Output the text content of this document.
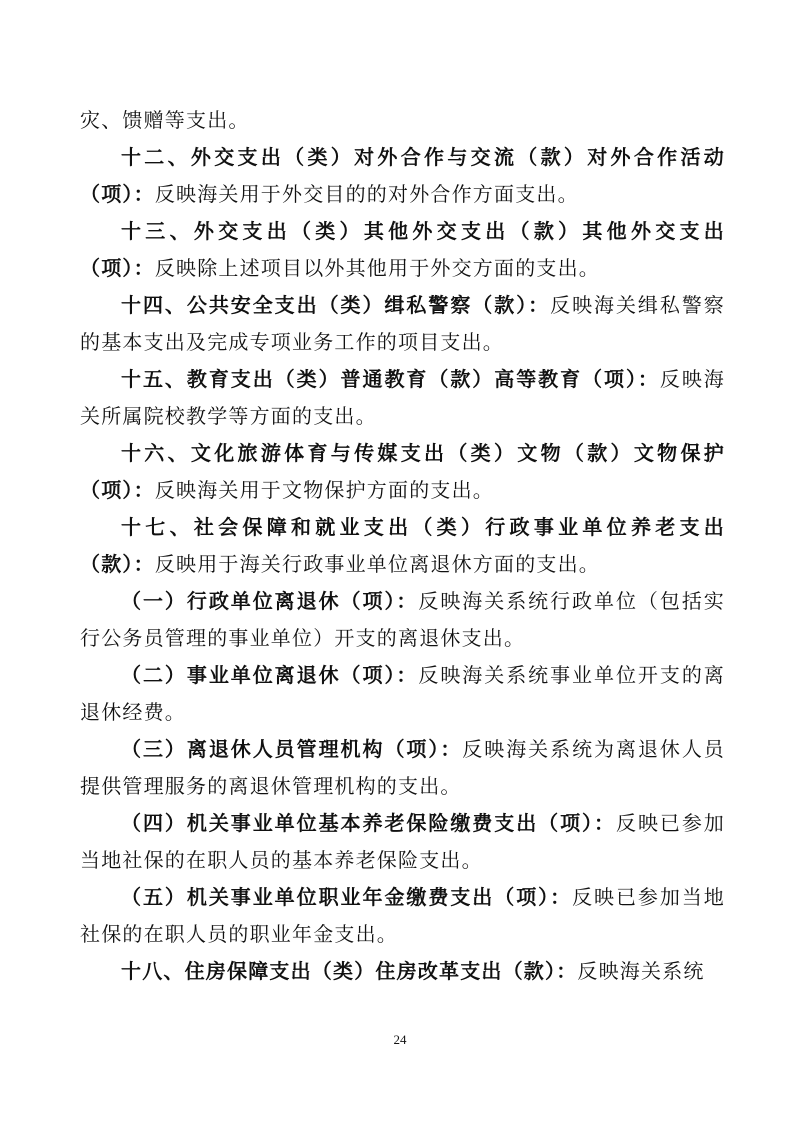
灾、馈赠等支出。

十二、外交支出（类）对外合作与交流（款）对外合作活动（项）：反映海关用于外交目的的对外合作方面支出。

十三、外交支出（类）其他外交支出（款）其他外交支出（项）：反映除上述项目以外其他用于外交方面的支出。

十四、公共安全支出（类）缉私警察（款）：反映海关缉私警察的基本支出及完成专项业务工作的项目支出。

十五、教育支出（类）普通教育（款）高等教育（项）：反映海关所属院校教学等方面的支出。

十六、文化旅游体育与传媒支出（类）文物（款）文物保护（项）：反映海关用于文物保护方面的支出。

十七、社会保障和就业支出（类）行政事业单位养老支出（款）：反映用于海关行政事业单位离退休方面的支出。

（一）行政单位离退休（项）：反映海关系统行政单位（包括实行公务员管理的事业单位）开支的离退休支出。

（二）事业单位离退休（项）：反映海关系统事业单位开支的离退休经费。

（三）离退休人员管理机构（项）：反映海关系统为离退休人员提供管理服务的离退休管理机构的支出。

（四）机关事业单位基本养老保险缴费支出（项）：反映已参加当地社保的在职人员的基本养老保险支出。

（五）机关事业单位职业年金缴费支出（项）：反映已参加当地社保的在职人员的职业年金支出。

十八、住房保障支出（类）住房改革支出（款）：反映海关系统

24
